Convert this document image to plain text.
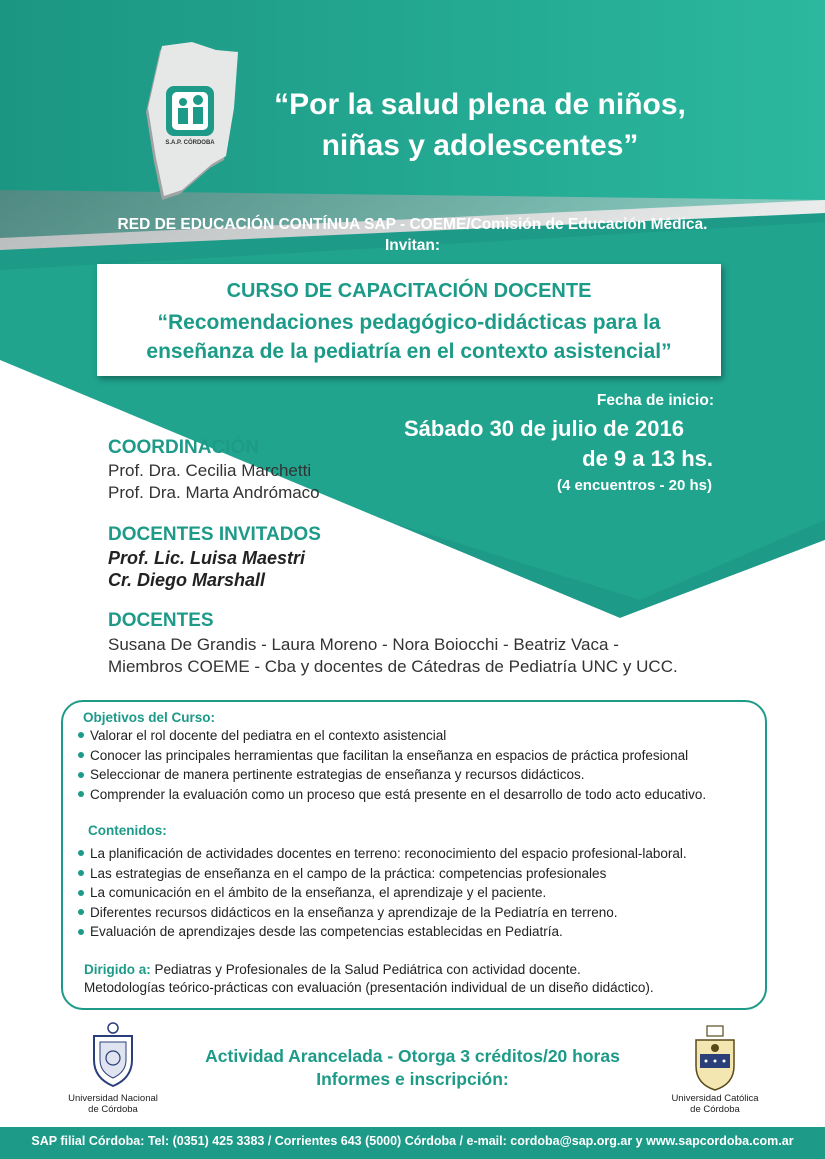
S.A.P. CÓRDOBA
“Por la salud plena de niños,
niñas y adolescentes”
RED DE EDUCACIÓN CONTÍNUA SAP - COEME/Comisión de Educación Médica.
Invitan:
CURSO DE CAPACITACIÓN DOCENTE
“Recomendaciones pedagógico-didácticas para la
enseñanza de la pediatría en el contexto asistencial”
Fecha de inicio:
Sábado 30 de julio de 2016
de 9 a 13 hs.
(4 encuentros - 20 hs)
COORDINACIÓN
Prof. Dra. Cecilia Marchetti
Prof. Dra. Marta Andrómaco
DOCENTES INVITADOS
Prof. Lic. Luisa Maestri
Cr. Diego Marshall
DOCENTES
Susana De Grandis - Laura Moreno - Nora Boiocchi - Beatriz Vaca -
Miembros COEME - Cba y docentes de Cátedras de Pediatría UNC y UCC.
Objetivos del Curso:
Valorar el rol docente del pediatra en el contexto asistencial
Conocer las principales herramientas que facilitan la enseñanza en espacios de práctica profesional
Seleccionar de manera pertinente estrategias de enseñanza y recursos didácticos.
Comprender la evaluación como un proceso que está presente en el desarrollo de todo acto educativo.
Contenidos:
La planificación de actividades docentes en terreno: reconocimiento del espacio profesional-laboral.
Las estrategias de enseñanza en el campo de la práctica: competencias profesionales
La comunicación en el ámbito de la enseñanza, el aprendizaje y el paciente.
Diferentes recursos didácticos en la enseñanza y aprendizaje de la Pediatría en terreno.
Evaluación de aprendizajes desde las competencias establecidas en Pediatría.
Dirigido a: Pediatras y Profesionales de la Salud Pediátrica con actividad docente.
Metodologías teórico-prácticas con evaluación (presentación individual de un diseño didáctico).
Actividad Arancelada - Otorga 3 créditos/20 horas
Informes e inscripción:
Universidad Nacional
de Córdoba
Universidad Católica
de Córdoba
SAP filial Córdoba: Tel: (0351) 425 3383 / Corrientes 643 (5000) Córdoba / e-mail: cordoba@sap.org.ar y www.sapcordoba.com.ar
